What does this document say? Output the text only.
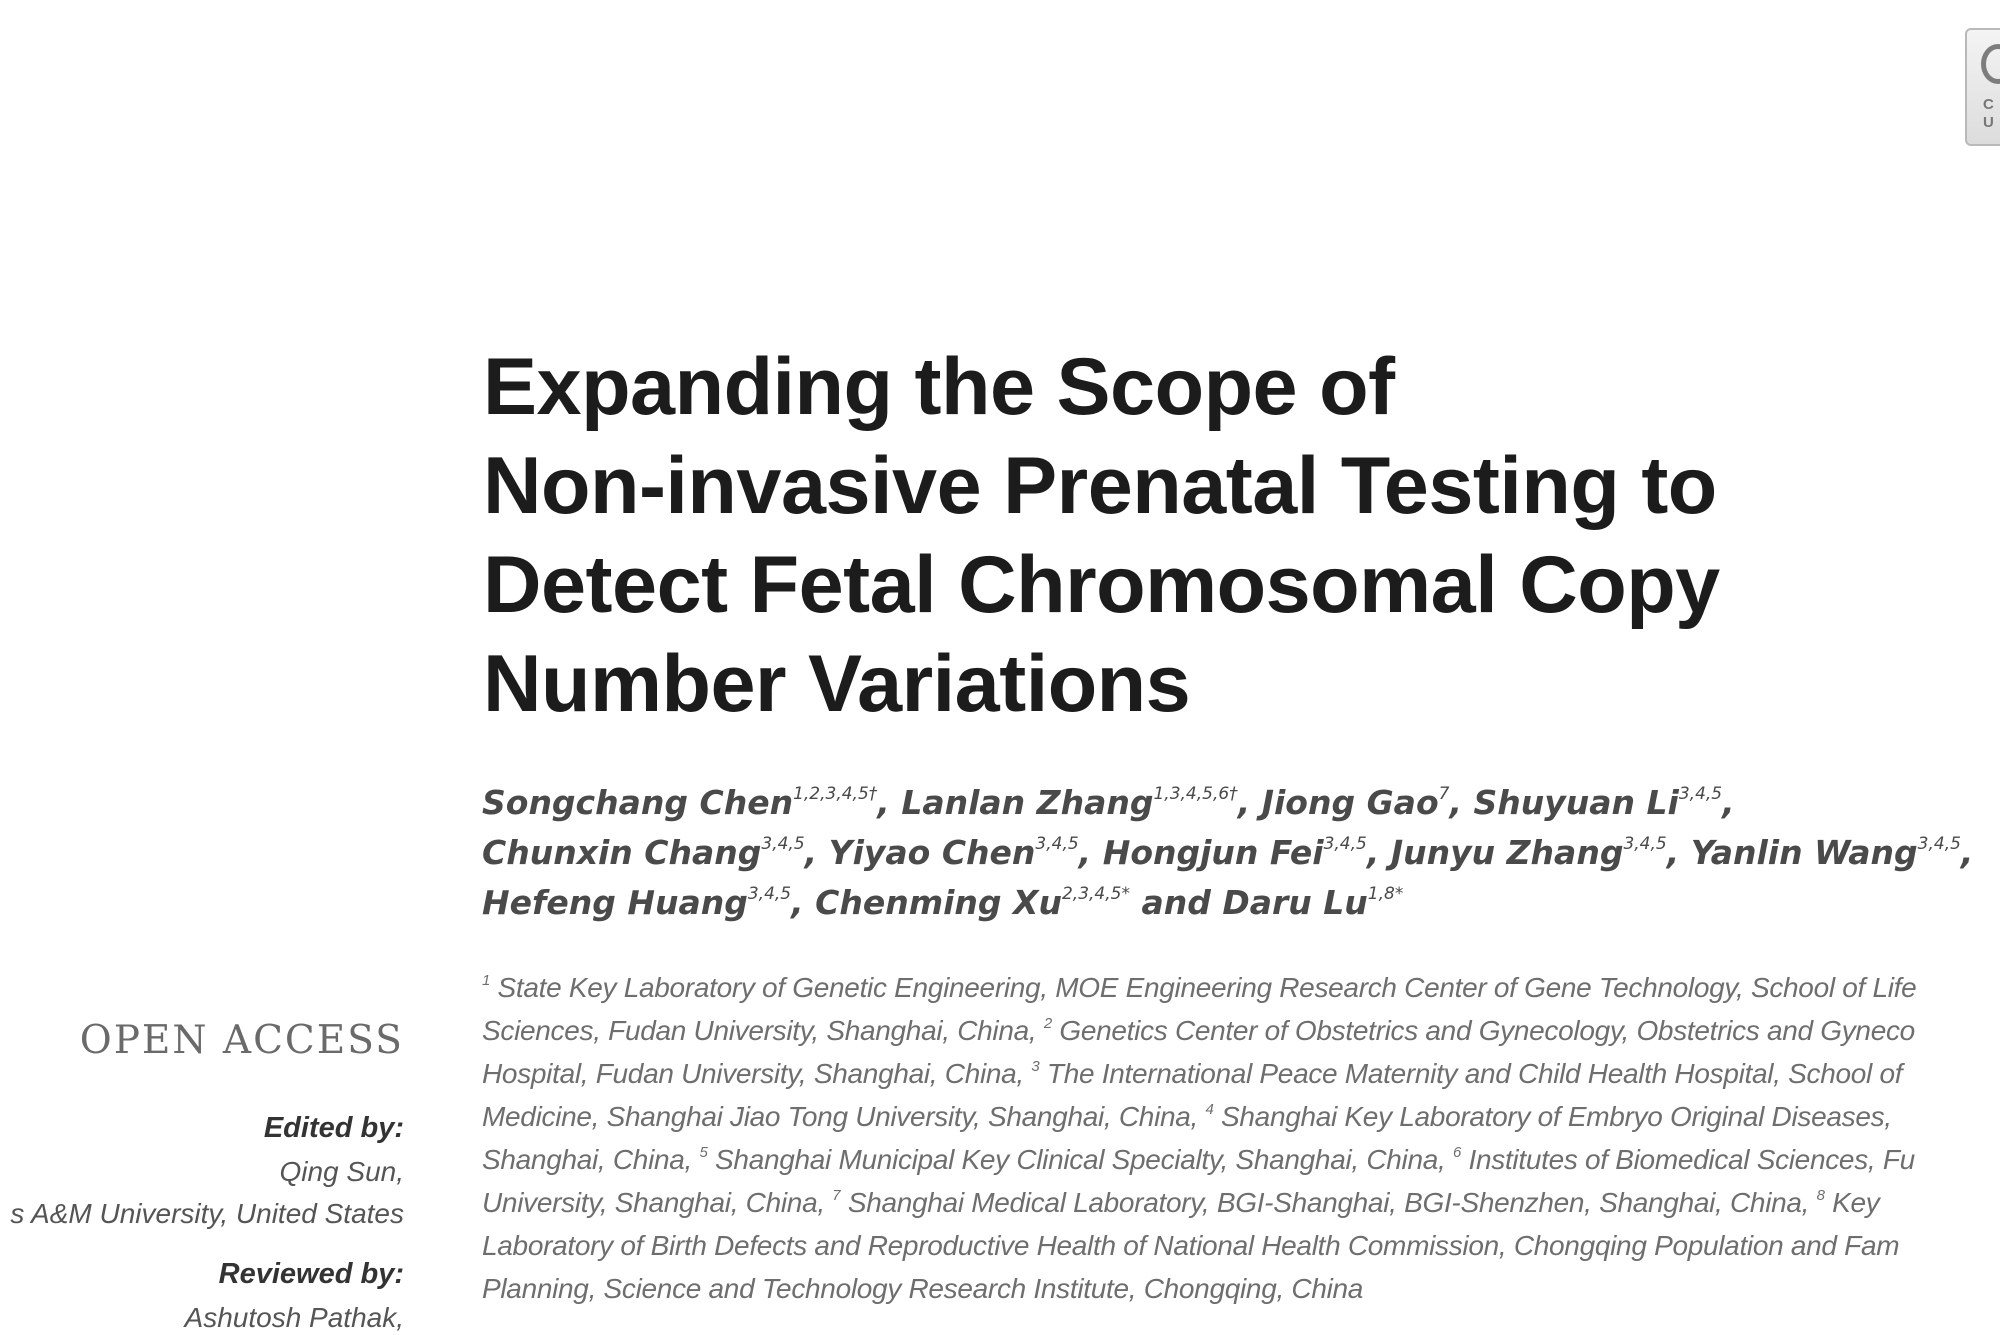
C
U
Expanding the Scope of
Non-invasive Prenatal Testing to
Detect Fetal Chromosomal Copy
Number Variations
Songchang Chen$^{1,2,3,4,5\dagger}$, Lanlan Zhang$^{1,3,4,5,6\dagger}$, Jiong Gao$^7$, Shuyuan Li$^{3,4,5}$,
Chunxin Chang$^{3,4,5}$, Yiyao Chen$^{3,4,5}$, Hongjun Fei$^{3,4,5}$, Junyu Zhang$^{3,4,5}$, Yanlin Wang$^{3,4,5}$,
Hefeng Huang$^{3,4,5}$, Chenming $Xu^{2,3,4,5*}$ and Daru $Lu^{1,8*}$
$^1$ State Key Laboratory of Genetic Engineering, MOE Engineering Research Center of Gene Technology, School of Life
Sciences, Fudan University, Shanghai, China, $^2$ Genetics Center of Obstetrics and Gynecology, Obstetrics and Gyneco
Hospital, Fudan University, Shanghai, China, $^3$ The International Peace Maternity and Child Health Hospital, School of
Medicine, Shanghai Jiao Tong University, Shanghai, China, $^4$ Shanghai Key Laboratory of Embryo Original Diseases,
Shanghai, China, $^5$ Shanghai Municipal Key Clinical Specialty, Shanghai, China, $^6$ Institutes of Biomedical Sciences, Fu
University, Shanghai, China, $^7$ Shanghai Medical Laboratory, BGI-Shanghai, BGI-Shenzhen, Shanghai, China, $^8$ Key
Laboratory of Birth Defects and Reproductive Health of National Health Commission, Chongqing Population and Fam
Planning, Science and Technology Research Institute, Chongqing, China
OPEN ACCESS
Edited by:
Qing Sun,
s A&M University, United States
Reviewed by:
Ashutosh Pathak,
